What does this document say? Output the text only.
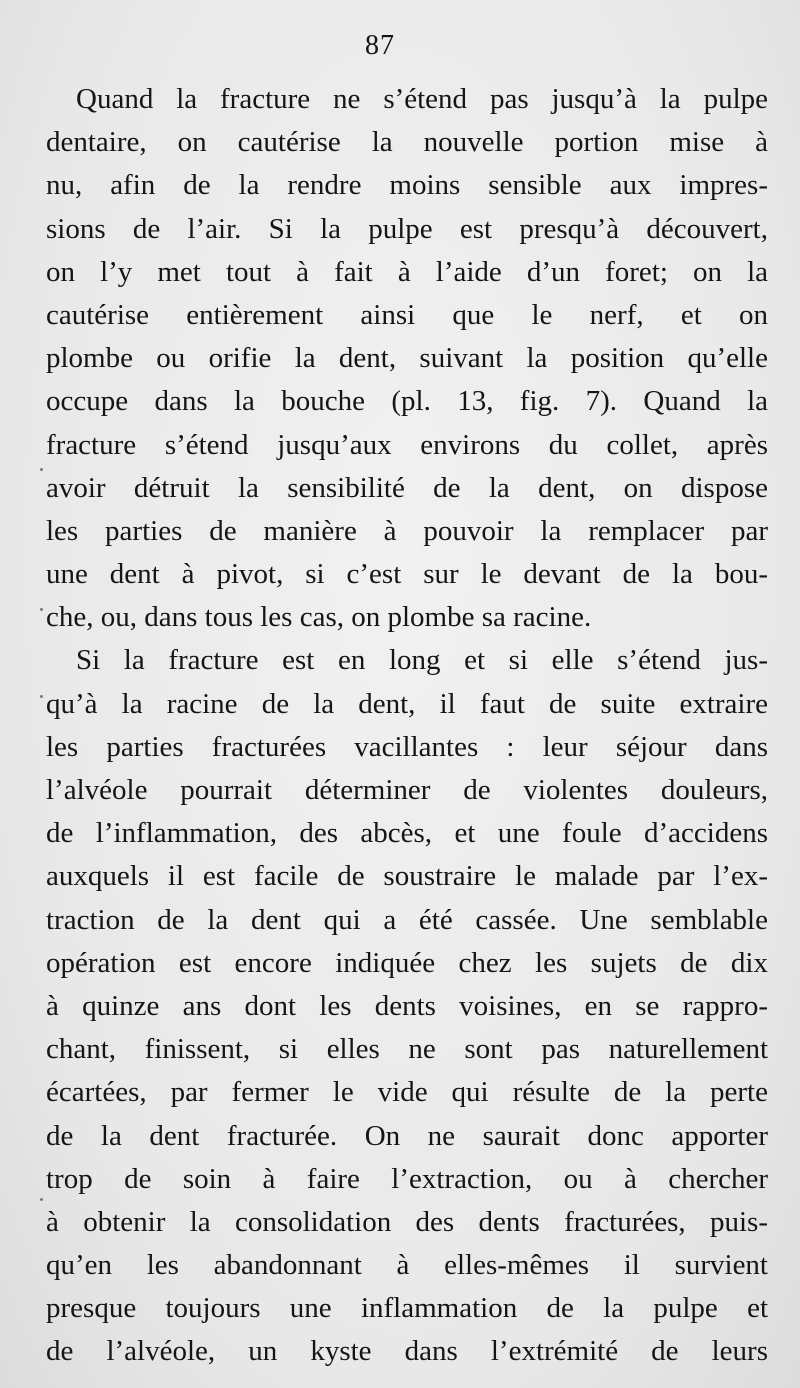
87
Quand la fracture ne s’étend pas jusqu’à la pulpe
dentaire, on cautérise la nouvelle portion mise à
nu, afin de la rendre moins sensible aux impres-
sions de l’air. Si la pulpe est presqu’à découvert,
on l’y met tout à fait à l’aide d’un foret; on la
cautérise entièrement ainsi que le nerf, et on
plombe ou orifie la dent, suivant la position qu’elle
occupe dans la bouche (pl. 13, fig. 7). Quand la
fracture s’étend jusqu’aux environs du collet, après
avoir détruit la sensibilité de la dent, on dispose
les parties de manière à pouvoir la remplacer par
une dent à pivot, si c’est sur le devant de la bou-
che, ou, dans tous les cas, on plombe sa racine.
Si la fracture est en long et si elle s’étend jus-
qu’à la racine de la dent, il faut de suite extraire
les parties fracturées vacillantes : leur séjour dans
l’alvéole pourrait déterminer de violentes douleurs,
de l’inflammation, des abcès, et une foule d’accidens
auxquels il est facile de soustraire le malade par l’ex-
traction de la dent qui a été cassée. Une semblable
opération est encore indiquée chez les sujets de dix
à quinze ans dont les dents voisines, en se rappro-
chant, finissent, si elles ne sont pas naturellement
écartées, par fermer le vide qui résulte de la perte
de la dent fracturée. On ne saurait donc apporter
trop de soin à faire l’extraction, ou à chercher
à obtenir la consolidation des dents fracturées, puis-
qu’en les abandonnant à elles-mêmes il survient
presque toujours une inflammation de la pulpe et
de l’alvéole, un kyste dans l’extrémité de leurs
